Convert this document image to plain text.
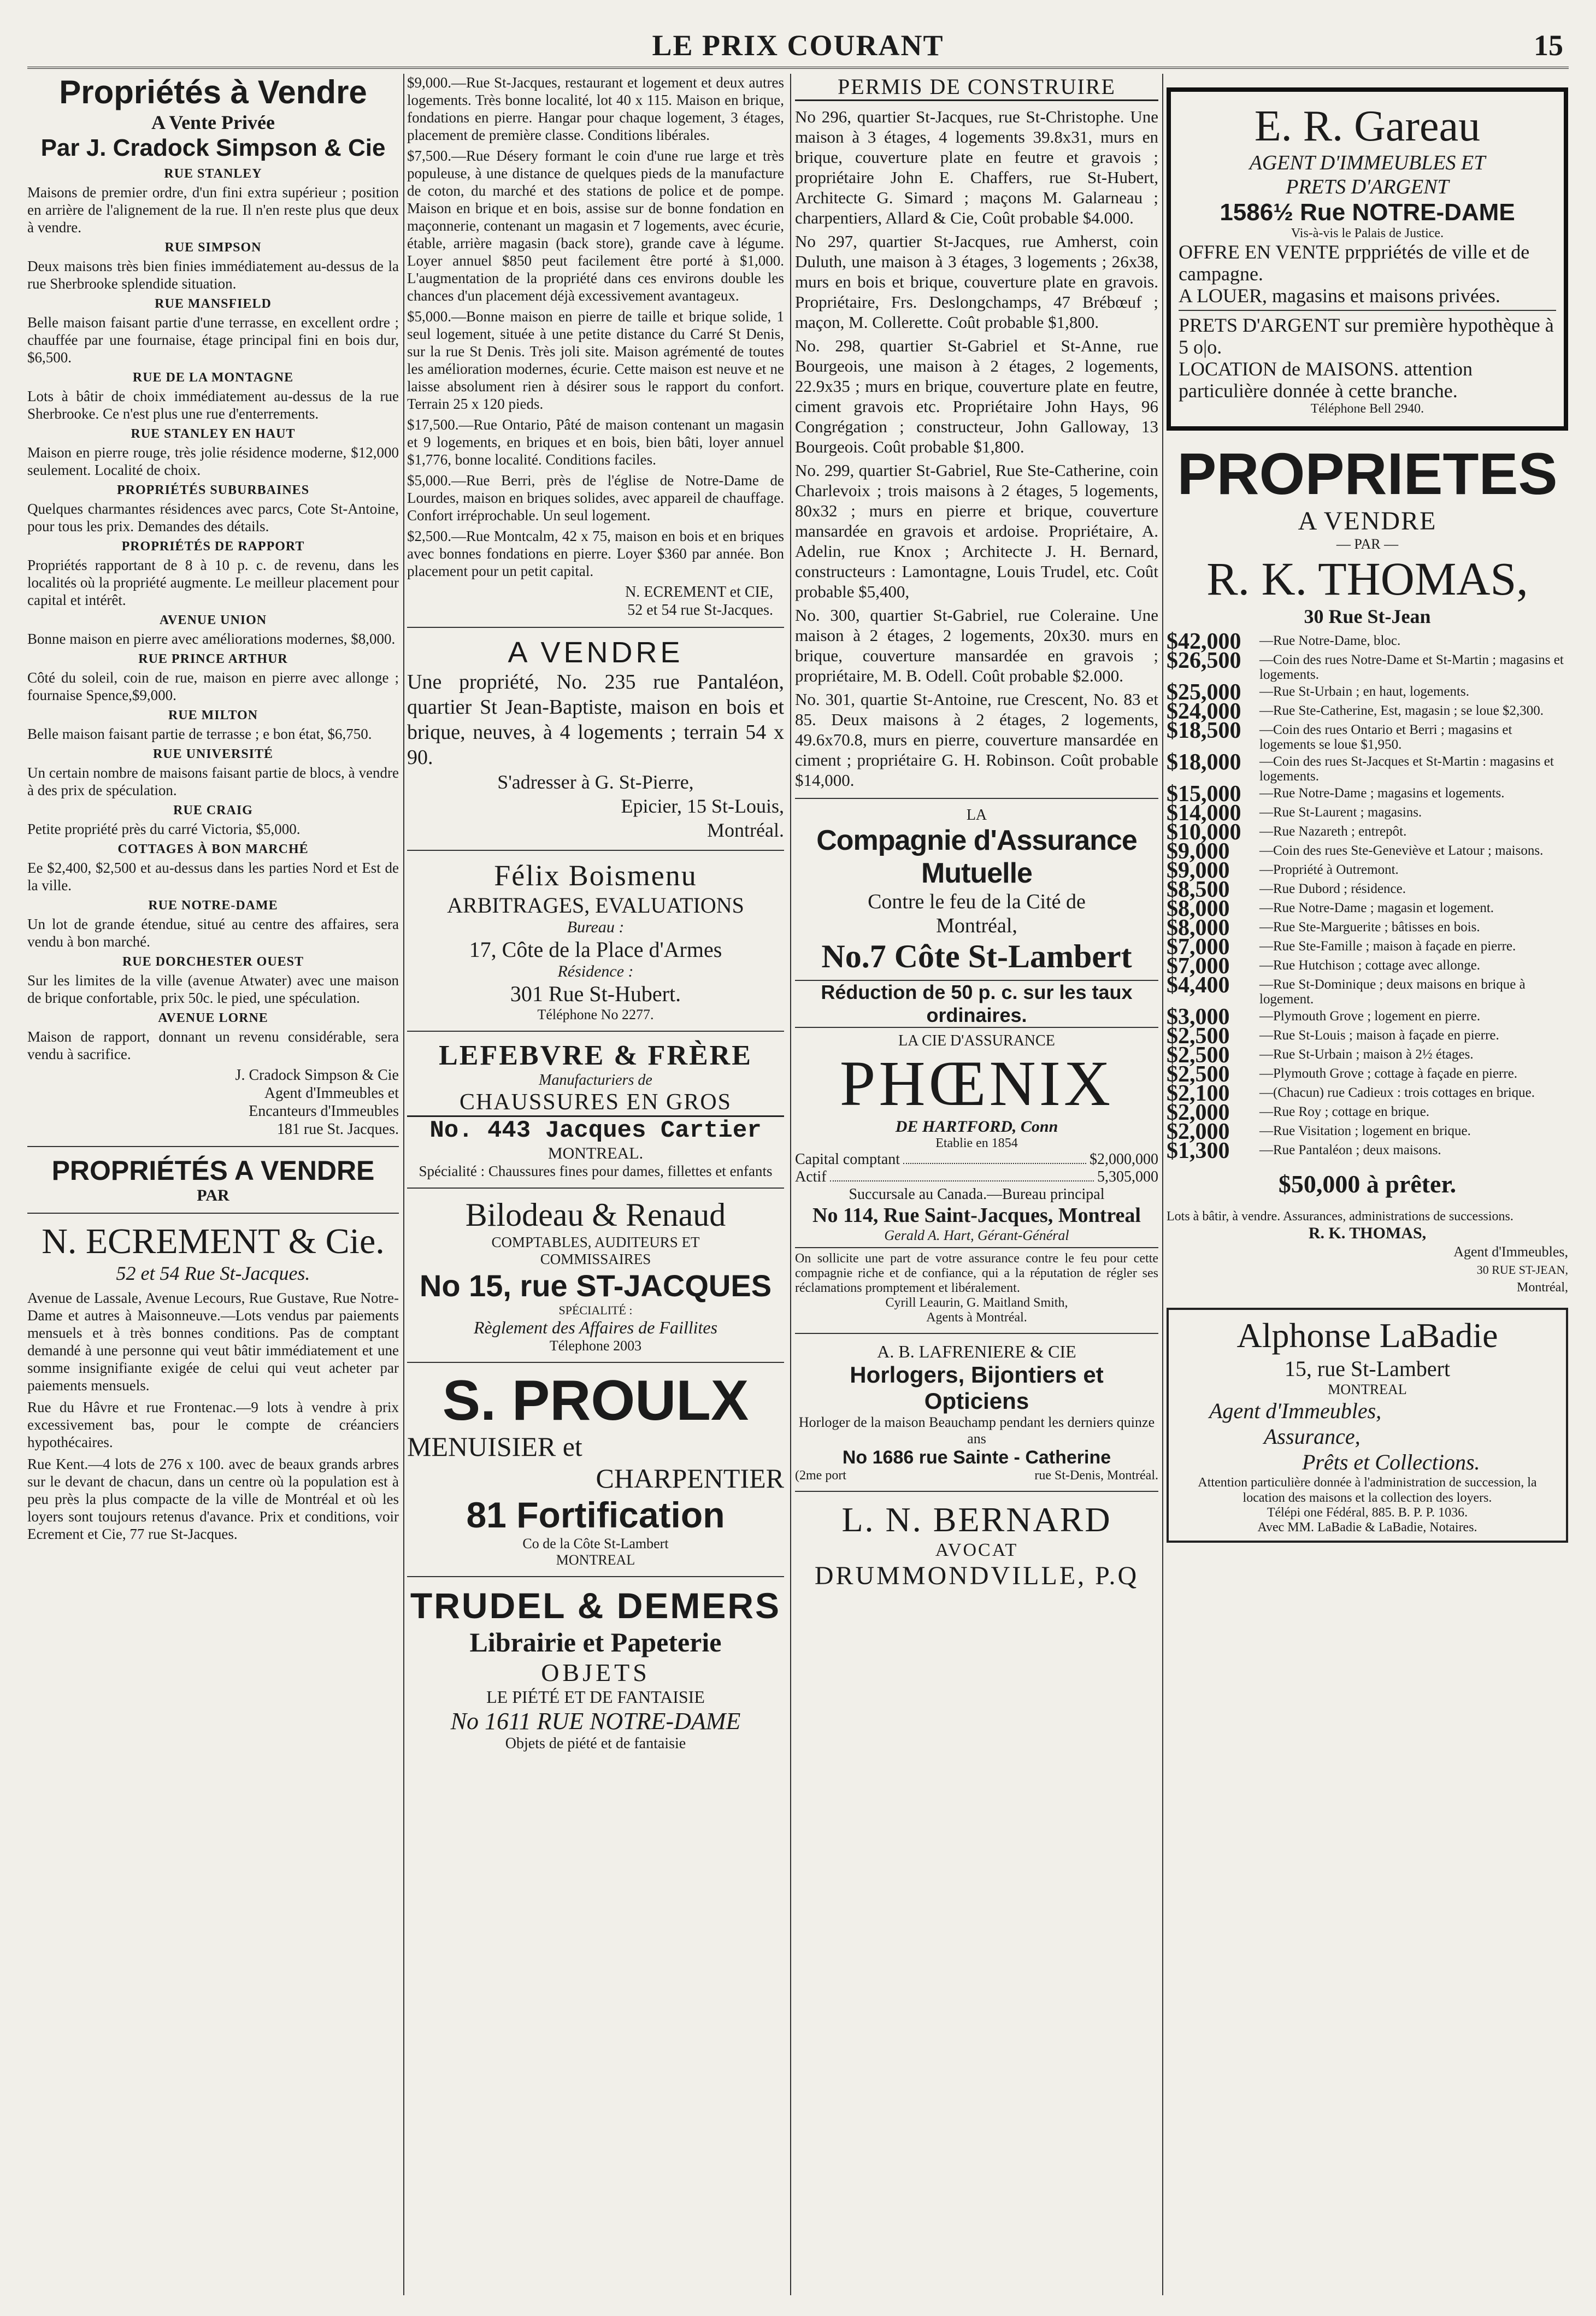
LE PRIX COURANT	15
Propriétés à Vendre
A Vente Privée
Par J. Cradock Simpson & Cie
RUE STANLEY

Maisons de premier ordre, d'un fini extra supérieur ; position en arrière de l'alignement de la rue. Il n'en reste plus que deux à vendre.

RUE SIMPSON

Deux maisons très bien finies immédiatement au-dessus de la rue Sherbrooke splendide situation.

RUE MANSFIELD

Belle maison faisant partie d'une terrasse, en excellent ordre ; chauffée par une fournaise, étage principal fini en bois dur, $6,500.

RUE DE LA MONTAGNE

Lots à bâtir de choix immédiatement au-dessus de la rue Sherbrooke. Ce n'est plus une rue d'enterrements.

RUE STANLEY EN HAUT

Maison en pierre rouge, très jolie résidence moderne, $12,000 seulement. Localité de choix.

PROPRIÉTÉS SUBURBAINES

Quelques charmantes résidences avec parcs, Cote St-Antoine, pour tous les prix. Demandes des détails.

PROPRIÉTÉS DE RAPPORT

Propriétés rapportant de 8 à 10 p. c. de revenu, dans les localités où la propriété augmente. Le meilleur placement pour capital et intérêt.

AVENUE UNION

Bonne maison en pierre avec améliorations modernes, $8,000.

RUE PRINCE ARTHUR

Côté du soleil, coin de rue, maison en pierre avec allonge ; fournaise Spence,$9,000.

RUE MILTON

Belle maison faisant partie de terrasse ; e bon état, $6,750.

RUE UNIVERSITÉ

Un certain nombre de maisons faisant partie de blocs, à vendre à des prix de spéculation.

RUE CRAIG

Petite propriété près du carré Victoria, $5,000.

COTTAGES À BON MARCHÉ

Ee $2,400, $2,500 et au-dessus dans les parties Nord et Est de la ville.

RUE NOTRE-DAME

Un lot de grande étendue, situé au centre des affaires, sera vendu à bon marché.

RUE DORCHESTER OUEST

Sur les limites de la ville (avenue Atwater) avec une maison de brique confortable, prix 50c. le pied, une spéculation.

AVENUE LORNE

Maison de rapport, donnant un revenu considérable, sera vendu à sacrifice.

J. Cradock Simpson & Cie
Agent d'Immeubles et
Encanteurs d'Immeubles
181 rue St. Jacques.
PROPRIÉTÉS A VENDRE
PAR
N. ECREMENT & Cie.
52 et 54 Rue St-Jacques.

Avenue de Lassale, Avenue Lecours, Rue Gustave, Rue Notre-Dame et autres à Maisonneuve.—Lots vendus par paiements mensuels et à très bonnes conditions. Pas de comptant demandé à une personne qui veut bâtir immédiatement et une somme insignifiante exigée de celui qui veut acheter par paiements mensuels.

Rue du Hâvre et rue Frontenac.—9 lots à vendre à prix excessivement bas, pour le compte de créanciers hypothécaires.

Rue Kent.—4 lots de 276 x 100. avec de beaux grands arbres sur le devant de chacun, dans un centre où la population est à peu près la plus compacte de la ville de Montréal et où les loyers sont toujours retenus d'avance. Prix et conditions, voir Ecrement et Cie, 77 rue St-Jacques.

$9,000.—Rue St-Jacques, restaurant et logement et deux autres logements. Très bonne localité, lot 40 x 115. Maison en brique, fondations en pierre. Hangar pour chaque logement, 3 étages, placement de première classe. Conditions libérales.

$7,500.—Rue Désery formant le coin d'une rue large et très populeuse, à une distance de quelques pieds de la manufacture de coton, du marché et des stations de police et de pompe. Maison en brique et en bois, assise sur de bonne fondation en maçonnerie, contenant un magasin et 7 logements, avec écurie, étable, arrière magasin (back store), grande cave à légume. Loyer annuel $850 peut facilement être porté à $1,000. L'augmentation de la propriété dans ces environs double les chances d'un placement déjà excessivement avantageux.

$5,000.—Bonne maison en pierre de taille et brique solide, 1 seul logement, située à une petite distance du Carré St Denis, sur la rue St Denis. Très joli site. Maison agrémenté de toutes les amélioration modernes, écurie. Cette maison est neuve et ne laisse absolument rien à désirer sous le rapport du confort. Terrain 25 x 120 pieds.

$17,500.—Rue Ontario, Pâté de maison contenant un magasin et 9 logements, en briques et en bois, bien bâti, loyer annuel $1,776, bonne localité. Conditions faciles.

$5,000.—Rue Berri, près de l'église de Notre-Dame de Lourdes, maison en briques solides, avec appareil de chauffage. Confort irréprochable. Un seul logement.

$2,500.—Rue Montcalm, 42 x 75, maison en bois et en briques avec bonnes fondations en pierre. Loyer $360 par année. Bon placement pour un petit capital.

N. ECREMENT et CIE,
52 et 54 rue St-Jacques.
A VENDRE

Une propriété, No. 235 rue Pantaléon, quartier St Jean-Baptiste, maison en bois et brique, neuves, à 4 logements ; terrain 54 x 90.

S'adresser à G. St-Pierre,
Epicier, 15 St-Louis,
Montréal.
Félix Boismenu
ARBITRAGES, EVALUATIONS
Bureau :
17, Côte de la Place d'Armes
Résidence :
301 Rue St-Hubert.
Téléphone No 2277.
LEFEBVRE & FRÈRE
Manufacturiers de
CHAUSSURES EN GROS
No. 443 Jacques Cartier
MONTREAL.
Spécialité : Chaussures fines pour dames, fillettes et enfants
Bilodeau & Renaud
COMPTABLES, AUDITEURS ET
COMMISSAIRES
No 15, rue ST-JACQUES
SPÉCIALITÉ :
Règlement des Affaires de Faillites
Télephone 2003
S. PROULX
MENUISIER et
CHARPENTIER
81 Fortification
Co de la Côte St-Lambert
MONTREAL
TRUDEL & DEMERS
Librairie et Papeterie
OBJETS
LE PIÉTÉ ET DE FANTAISIE
No 1611 RUE NOTRE-DAME
Objets de piété et de fantaisie
PERMIS DE CONSTRUIRE

No 296, quartier St-Jacques, rue St-Christophe. Une maison à 3 étages, 4 logements 39.8x31, murs en brique, couverture plate en feutre et gravois ; propriétaire John E. Chaffers, rue St-Hubert, Architecte G. Simard ; maçons M. Galarneau ; charpentiers, Allard & Cie, Coût probable $4.000.

No 297, quartier St-Jacques, rue Amherst, coin Duluth, une maison à 3 étages, 3 logements ; 26x38, murs en bois et brique, couverture plate en gravois. Propriétaire, Frs. Deslongchamps, 47 Brébœuf ; maçon, M. Collerette. Coût probable $1,800.

No. 298, quartier St-Gabriel et St-Anne, rue Bourgeois, une maison à 2 étages, 2 logements, 22.9x35 ; murs en brique, couverture plate en feutre, ciment gravois etc. Propriétaire John Hays, 96 Congrégation ; constructeur, John Galloway, 13 Bourgeois. Coût probable $1,800.

No. 299, quartier St-Gabriel, Rue Ste-Catherine, coin Charlevoix ; trois maisons à 2 étages, 5 logements, 80x32 ; murs en pierre et brique, couverture mansardée en gravois et ardoise. Propriétaire, A. Adelin, rue Knox ; Architecte J. H. Bernard, constructeurs : Lamontagne, Louis Trudel, etc. Coût probable $5,400,

No. 300, quartier St-Gabriel, rue Coleraine. Une maison à 2 étages, 2 logements, 20x30. murs en brique, couverture mansardée en gravois ; propriétaire, M. B. Odell. Coût probable $2.000.

No. 301, quartie St-Antoine, rue Crescent, No. 83 et 85. Deux maisons à 2 étages, 2 logements, 49.6x70.8, murs en pierre, couverture mansardée en ciment ; propriétaire G. H. Robinson. Coût probable $14,000.

LA
Compagnie d'Assurance Mutuelle
Contre le feu de la Cité de
Montréal,
No.7 Côte St-Lambert
Réduction de 50 p. c. sur les taux ordinaires.
LA CIE D'ASSURANCE
PHŒNIX
DE HARTFORD, Conn
Etablie en 1854
Capital comptant	$2,000,000
Actif	5,305,000
Succursale au Canada.—Bureau principal
No 114, Rue Saint-Jacques, Montreal
Gerald A. Hart, Gérant-Général

On sollicite une part de votre assurance contre le feu pour cette compagnie riche et de confiance, qui a la réputation de régler ses réclamations promptement et libéralement.

Cyrill Leaurin, G. Maitland Smith,
Agents à Montréal.
A. B. LAFRENIERE & CIE
Horlogers, Bijontiers et Opticiens
Horloger de la maison Beauchamp pendant les derniers quinze ans
No 1686 rue Sainte - Catherine
(2me port	rue St-Denis, Montréal.
L. N. BERNARD
AVOCAT
DRUMMONDVILLE, P.Q
E. R. Gareau
AGENT D'IMMEUBLES ET
PRETS D'ARGENT
1586½ Rue NOTRE-DAME
Vis-à-vis le Palais de Justice.

OFFRE EN VENTE prppriétés de ville et de campagne.

A LOUER, magasins et maisons privées.

PRETS D'ARGENT sur première hypothèque à 5 o|o.

LOCATION de MAISONS. attention particulière donnée à cette branche.

Téléphone Bell 2940.
PROPRIETES
A VENDRE
— PAR —
R. K. THOMAS,
30 Rue St-Jean
$42,000	—Rue Notre-Dame, bloc.
$26,500	—Coin des rues Notre-Dame et St-Martin ; magasins et logements.
$25,000	—Rue St-Urbain ; en haut, logements.
$24,000	—Rue Ste-Catherine, Est, magasin ; se loue $2,300.
$18,500	—Coin des rues Ontario et Berri ; magasins et logements se loue $1,950.
$18,000	—Coin des rues St-Jacques et St-Martin : magasins et logements.
$15,000	—Rue Notre-Dame ; magasins et logements.
$14,000	—Rue St-Laurent ; magasins.
$10,000	—Rue Nazareth ; entrepôt.
$9,000	—Coin des rues Ste-Geneviève et Latour ; maisons.
$9,000	—Propriété à Outremont.
$8,500	—Rue Dubord ; résidence.
$8,000	—Rue Notre-Dame ; magasin et logement.
$8,000	—Rue Ste-Marguerite ; bâtisses en bois.
$7,000	—Rue Ste-Famille ; maison à façade en pierre.
$7,000	—Rue Hutchison ; cottage avec allonge.
$4,400	—Rue St-Dominique ; deux maisons en brique à logement.
$3,000	—Plymouth Grove ; logement en pierre.
$2,500	—Rue St-Louis ; maison à façade en pierre.
$2,500	—Rue St-Urbain ; maison à 2½ étages.
$2,500	—Plymouth Grove ; cottage à façade en pierre.
$2,100	—(Chacun) rue Cadieux : trois cottages en brique.
$2,000	—Rue Roy ; cottage en brique.
$2,000	—Rue Visitation ; logement en brique.
$1,300	—Rue Pantaléon ; deux maisons.
$50,000 à prêter.

Lots à bâtir, à vendre. Assurances, administrations de successions.

R. K. THOMAS,
Agent d'Immeubles,
30 RUE ST-JEAN,
Montréal,
Alphonse LaBadie
15, rue St-Lambert
MONTREAL
Agent d'Immeubles,
Assurance,
Prêts et Collections.

Attention particulière donnée à l'administration de succession, la location des maisons et la collection des loyers.

Télépi one Fédéral, 885. B. P. P. 1036.
Avec MM. LaBadie & LaBadie, Notaires.
